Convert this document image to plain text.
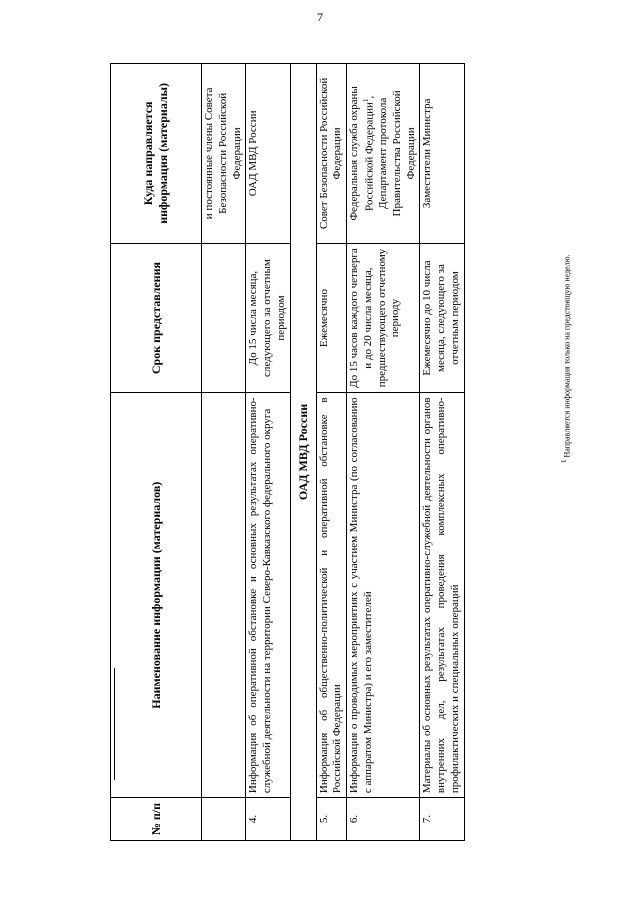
7
№ п/п	Наименование информации (материалов)	Срок представления	Куда направляется информация (материалы)
			и постоянные члены Совета Безопасности Российской Федерации
4.	Информация об оперативной обстановке и основных результатах оперативно-служебной деятельности на территории Северо-Кавказского федерального округа	До 15 числа месяца, следующего за отчетным периодом	ОАД МВД России
ОАД МВД России			
5.	Информация об общественно-политической и оперативной обстановке в Российской Федерации	Ежемесячно	Совет Безопасности Российской Федерации
6.	Информация о проводимых мероприятиях с участием Министра (по согласованию с аппаратом Министра) и его заместителей	До 15 часов каждого четверга и до 20 числа месяца, предшествующего отчетному периоду	Федеральная служба охраны Российской Федерации$^1$, Департамент протокола Правительства Российской Федерации
7.	Материалы об основных результатах оперативно-служебной деятельности органов внутренних дел, результатах проведения комплексных оперативно-профилактических и специальных операций	Ежемесячно до 10 числа месяца, следующего за отчетным периодом	Заместители Министра
1 Направляется информация только на предстоящую неделю.
